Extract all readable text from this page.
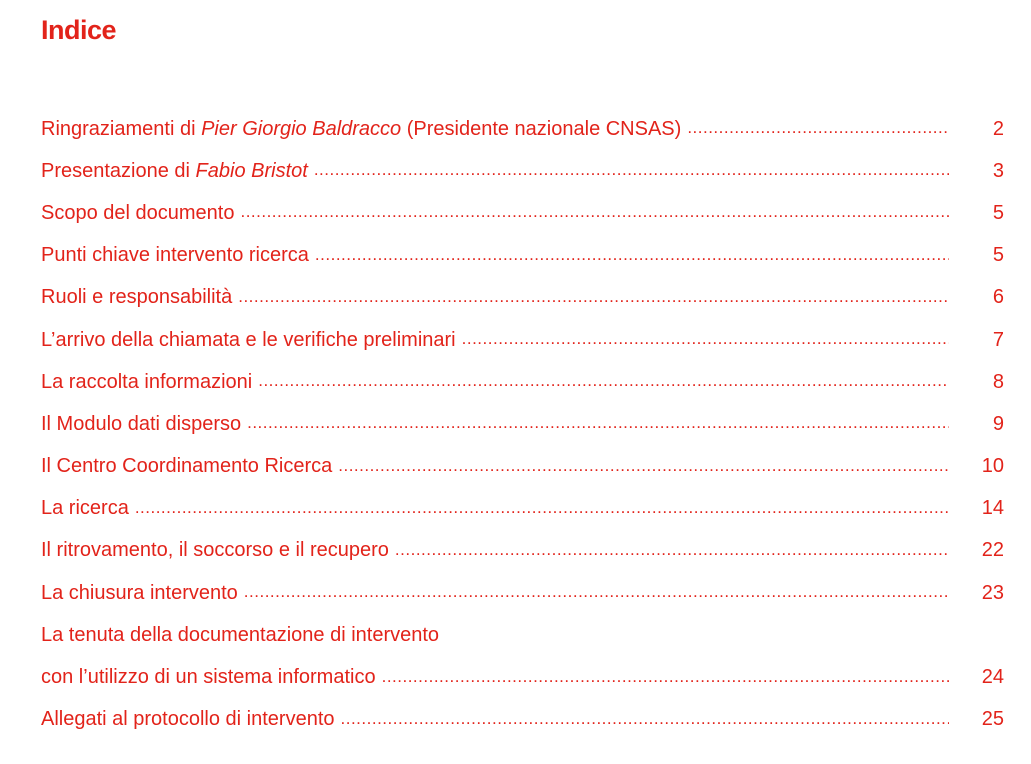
Indice
Ringraziamenti di Pier Giorgio Baldracco (Presidente nazionale CNSAS) .....	2
Presentazione di Fabio Bristot .....	3
Scopo del documento .....	5
Punti chiave intervento ricerca .....	5
Ruoli e responsabilità .....	6
L’arrivo della chiamata e le verifiche preliminari .....	7
La raccolta informazioni .....	8
Il Modulo dati disperso .....	9
Il Centro Coordinamento Ricerca .....	10
La ricerca .....	14
Il ritrovamento, il soccorso e il recupero .....	22
La chiusura intervento .....	23
La tenuta della documentazione di intervento
con l’utilizzo di un sistema informatico .....	24
Allegati al protocollo di intervento .....	25
